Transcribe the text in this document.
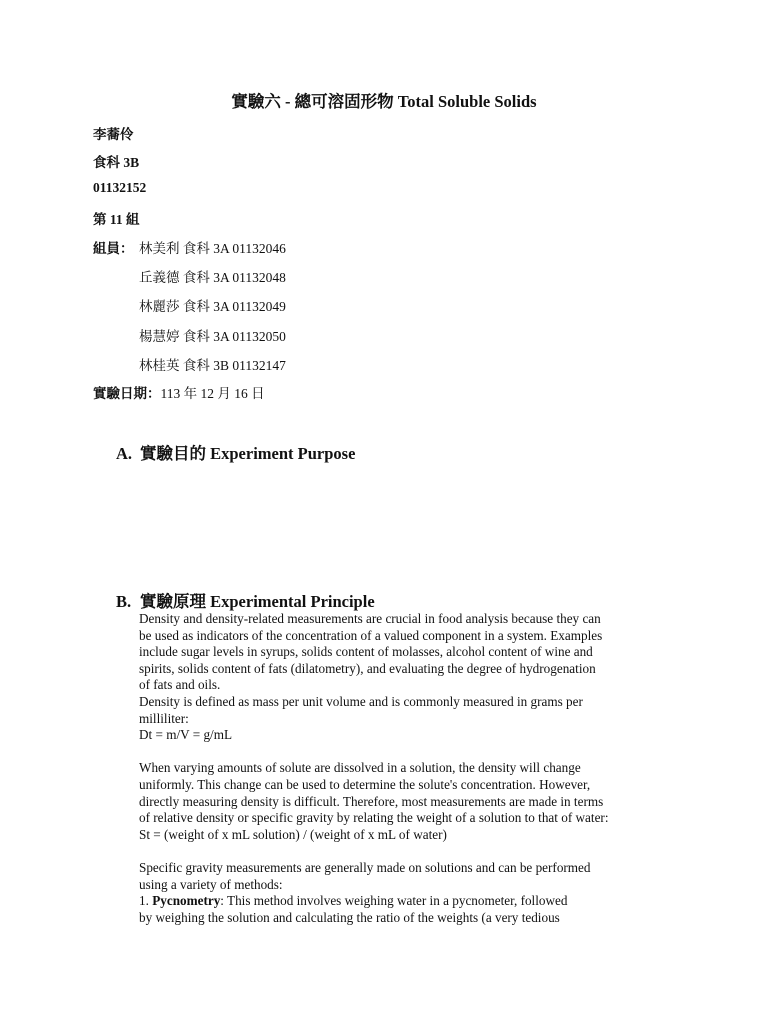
實驗六 - 總可溶固形物 Total Soluble Solids
李蕎伶
食科 3B
01132152
第 11 組
組員： 林美利 食科 3A 01132046
丘義德 食科 3A 01132048
林麗莎 食科 3A 01132049
楊慧婷 食科 3A 01132050
林桂英 食科 3B 01132147
實驗日期：113 年 12 月 16 日
A. 實驗目的 Experiment Purpose
B. 實驗原理 Experimental Principle

Density and density-related measurements are crucial in food analysis because they can

be used as indicators of the concentration of a valued component in a system. Examples

include sugar levels in syrups, solids content of molasses, alcohol content of wine and

spirits, solids content of fats (dilatometry), and evaluating the degree of hydrogenation

of fats and oils.

Density is defined as mass per unit volume and is commonly measured in grams per

milliliter:

Dt = m/V = g/mL

When varying amounts of solute are dissolved in a solution, the density will change

uniformly. This change can be used to determine the solute's concentration. However,

directly measuring density is difficult. Therefore, most measurements are made in terms

of relative density or specific gravity by relating the weight of a solution to that of water:

St = (weight of x mL solution) / (weight of x mL of water)

Specific gravity measurements are generally made on solutions and can be performed

using a variety of methods:

1. Pycnometry: This method involves weighing water in a pycnometer, followed

by weighing the solution and calculating the ratio of the weights (a very tedious
